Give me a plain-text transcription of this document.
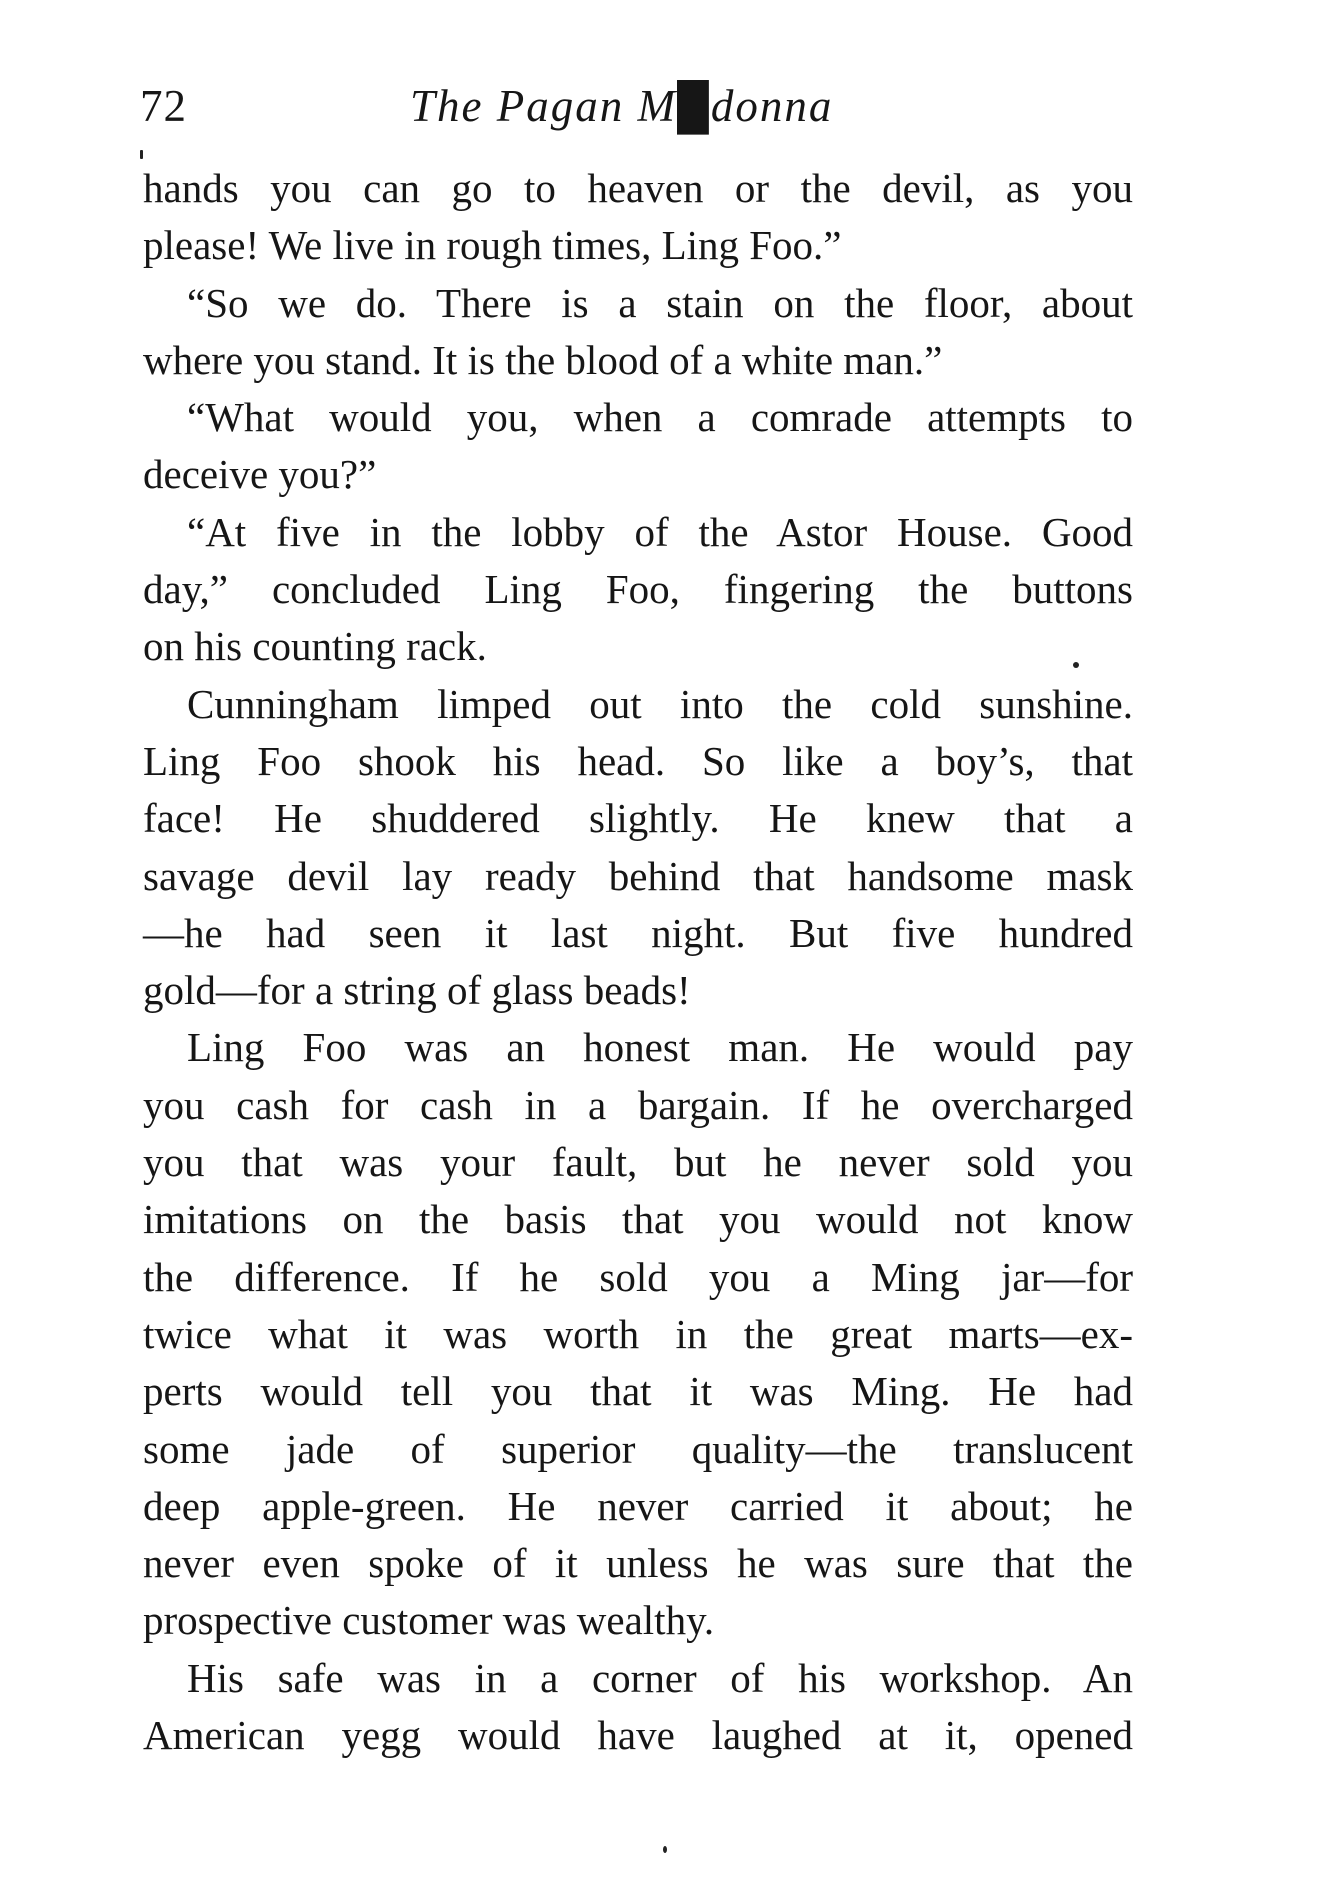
72	The Pagan M█donna
hands you can go to heaven or the devil, as you
please! We live in rough times, Ling Foo.”
“So we do. There is a stain on the floor, about
where you stand. It is the blood of a white man.”
“What would you, when a comrade attempts to
deceive you?”
“At five in the lobby of the Astor House. Good
day,” concluded Ling Foo, fingering the buttons
on his counting rack.
Cunningham limped out into the cold sunshine.
Ling Foo shook his head. So like a boy’s, that
face! He shuddered slightly. He knew that a
savage devil lay ready behind that handsome mask
—he had seen it last night. But five hundred
gold—for a string of glass beads!
Ling Foo was an honest man. He would pay
you cash for cash in a bargain. If he overcharged
you that was your fault, but he never sold you
imitations on the basis that you would not know
the difference. If he sold you a Ming jar—for
twice what it was worth in the great marts—ex-
perts would tell you that it was Ming. He had
some jade of superior quality—the translucent
deep apple-green. He never carried it about; he
never even spoke of it unless he was sure that the
prospective customer was wealthy.
His safe was in a corner of his workshop. An
American yegg would have laughed at it, opened
